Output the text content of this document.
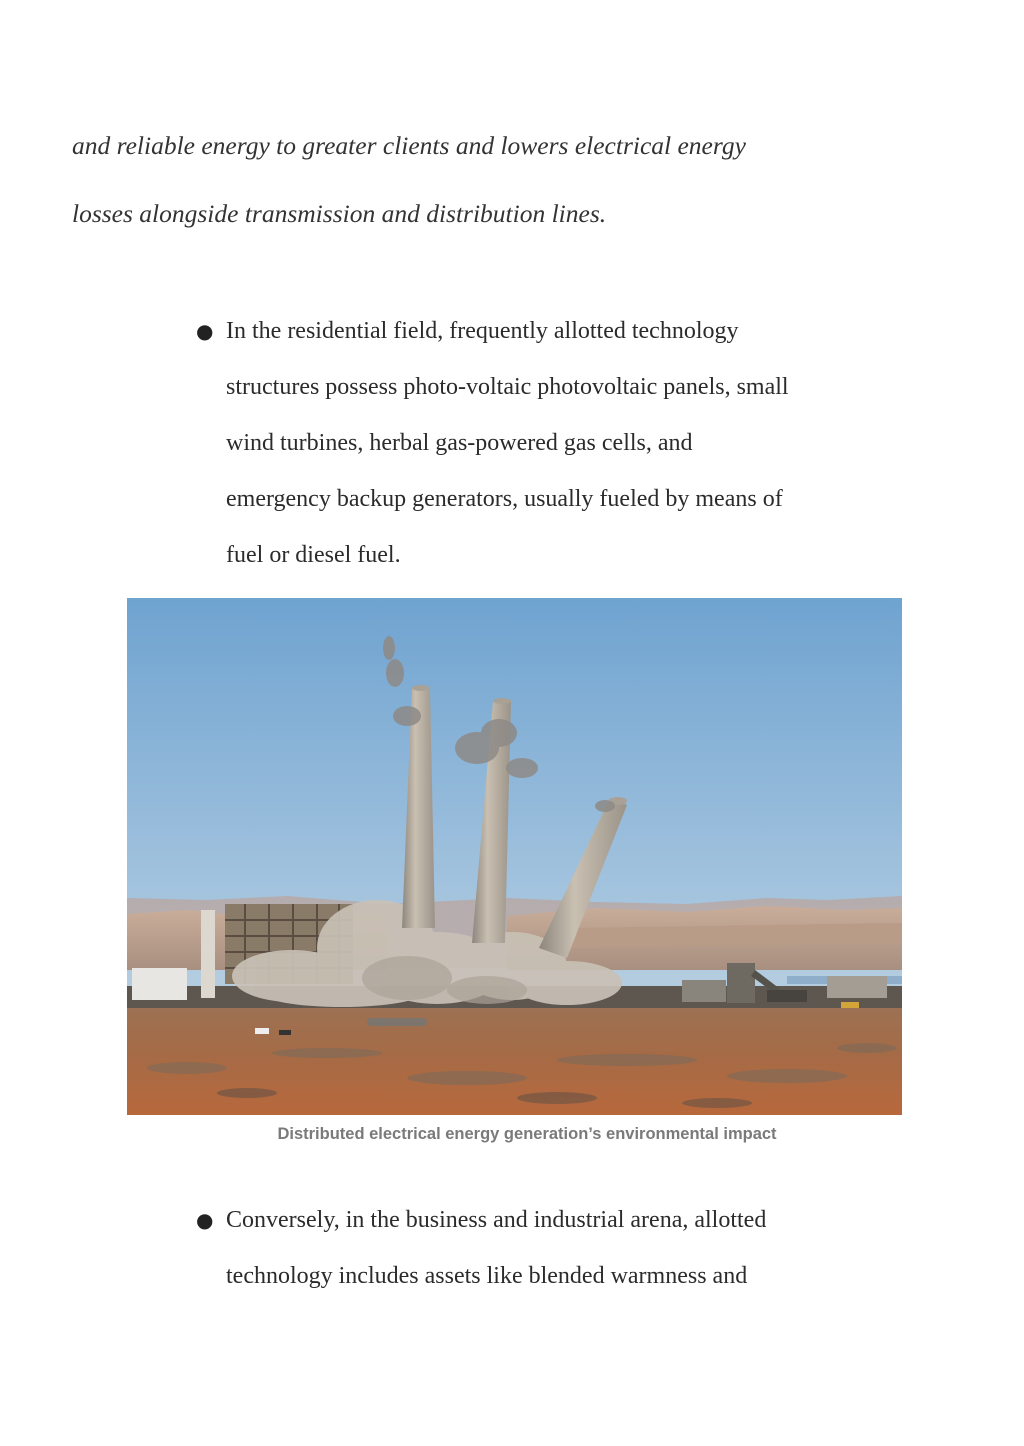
and reliable energy to greater clients and lowers electrical energy
losses alongside transmission and distribution lines.
● In the residential field, frequently allotted technology
structures possess photo-voltaic photovoltaic panels, small
wind turbines, herbal gas-powered gas cells, and
emergency backup generators, usually fueled by means of
fuel or diesel fuel.
Distributed electrical energy generation’s environmental impact
● Conversely, in the business and industrial arena, allotted
technology includes assets like blended warmness and
